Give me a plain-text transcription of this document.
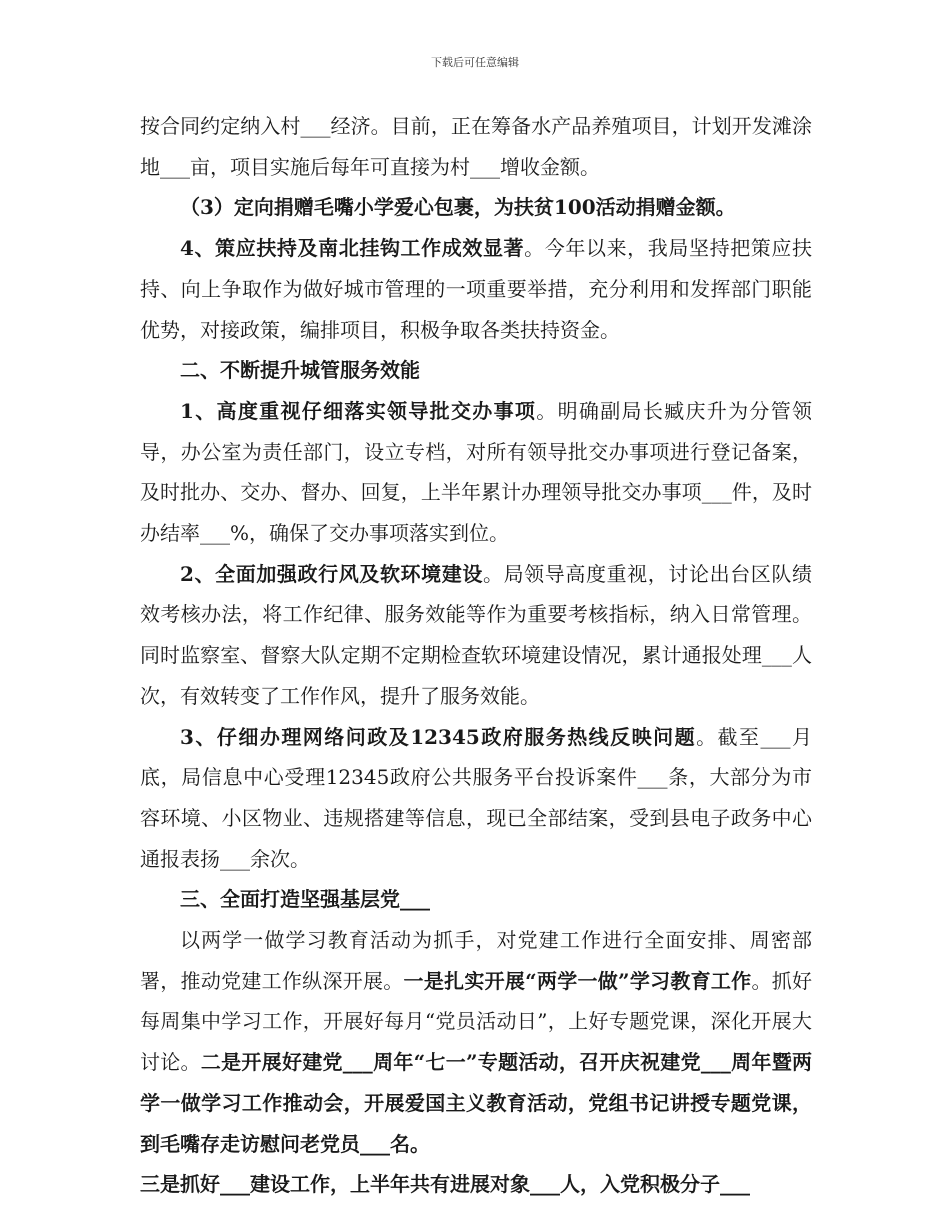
下载后可任意编辑

按合同约定纳入村___经济。目前，正在筹备水产品养殖项目，计划开发滩涂地___亩，项目实施后每年可直接为村___增收金额。

（3）定向捐赠毛嘴小学爱心包裹，为扶贫100活动捐赠金额。

4、策应扶持及南北挂钩工作成效显著。今年以来，我局坚持把策应扶持、向上争取作为做好城市管理的一项重要举措，充分利用和发挥部门职能优势，对接政策，编排项目，积极争取各类扶持资金。

二、不断提升城管服务效能

1、高度重视仔细落实领导批交办事项。明确副局长臧庆升为分管领导，办公室为责任部门，设立专档，对所有领导批交办事项进行登记备案，及时批办、交办、督办、回复，上半年累计办理领导批交办事项___件，及时办结率___%，确保了交办事项落实到位。

2、全面加强政行风及软环境建设。局领导高度重视，讨论出台区队绩效考核办法，将工作纪律、服务效能等作为重要考核指标，纳入日常管理。同时监察室、督察大队定期不定期检查软环境建设情况，累计通报处理___人次，有效转变了工作作风，提升了服务效能。

3、仔细办理网络问政及12345政府服务热线反映问题。截至___月底，局信息中心受理12345政府公共服务平台投诉案件___条，大部分为市容环境、小区物业、违规搭建等信息，现已全部结案，受到县电子政务中心通报表扬___余次。

三、全面打造坚强基层党___

以两学一做学习教育活动为抓手，对党建工作进行全面安排、周密部署，推动党建工作纵深开展。一是扎实开展“两学一做”学习教育工作。抓好每周集中学习工作，开展好每月“党员活动日”，上好专题党课，深化开展大讨论。二是开展好建党___周年“七一”专题活动，召开庆祝建党___周年暨两学一做学习工作推动会，开展爱国主义教育活动，党组书记讲授专题党课，到毛嘴存走访慰问老党员___名。

三是抓好___建设工作，上半年共有进展对象___人，入党积极分子___
